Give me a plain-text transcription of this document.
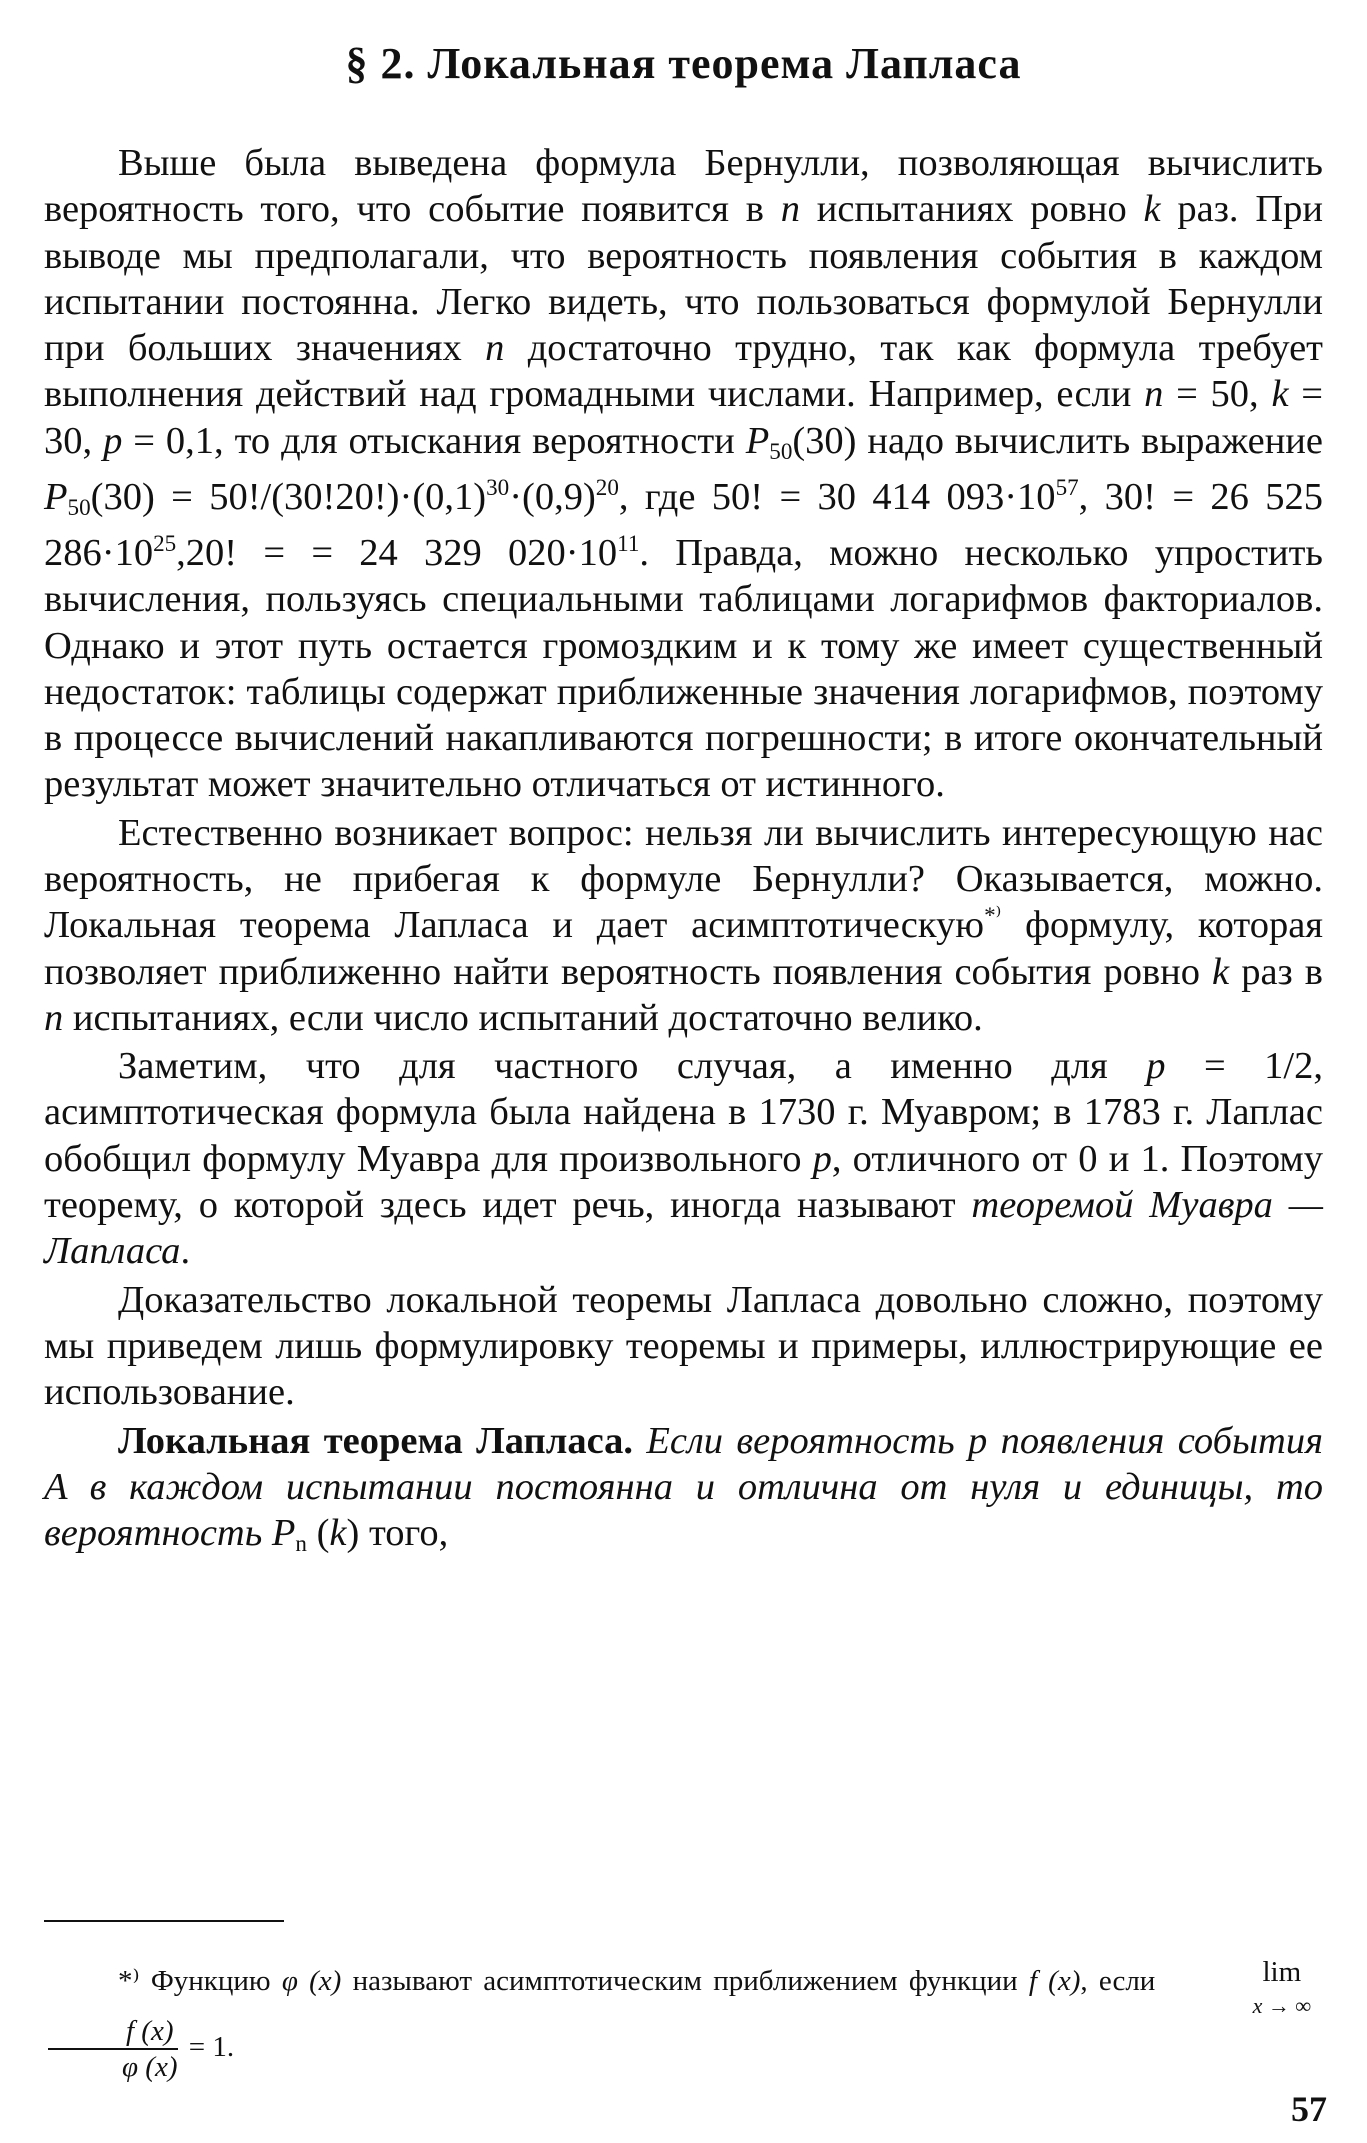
§ 2. Локальная теорема Лапласа

Выше была выведена формула Бернулли, позволяющая вычислить вероятность того, что событие появится в n испытаниях ровно k раз. При выводе мы предполагали, что вероятность появления события в каждом испытании постоянна. Легко видеть, что пользоваться формулой Бернулли при больших значениях n достаточно трудно, так как формула требует выполнения действий над громадными числами. Например, если n = 50, k = 30, p = 0,1, то для отыскания вероятности $P_{50}(30)$ надо вычислить выражение $P_{50}(30) = 50!/(30!20!)\cdot(0,1)^{30}\cdot(0,9)^{20}$, где 50! = 30 414 $093\cdot 10^{57}$, 30! = 26 525 $286\cdot 10^{25},20$! = = 24 329 $020\cdot 10^{11}$. Правда, можно несколько упростить вычисления, пользуясь специальными таблицами логарифмов факториалов. Однако и этот путь остается громоздким и к тому же имеет существенный недостаток: таблицы содержат приближенные значения логарифмов, поэтому в процессе вычислений накапливаются погрешности; в итоге окончательный результат может значительно отличаться от истинного.

Естественно возникает вопрос: нельзя ли вычислить интересующую нас вероятность, не прибегая к формуле Бернулли? Оказывается, можно. Локальная теорема Лапласа и дает асимптотическую*⁾ формулу, которая позволяет приближенно найти вероятность появления события ровно k раз в n испытаниях, если число испытаний достаточно велико.

Заметим, что для частного случая, а именно для p = 1/2, асимптотическая формула была найдена в 1730 г. Муавром; в 1783 г. Лаплас обобщил формулу Муавра для произвольного p, отличного от 0 и 1. Поэтому теорему, о которой здесь идет речь, иногда называют теоремой Муавра — Лапласа.

Доказательство локальной теоремы Лапласа довольно сложно, поэтому мы приведем лишь формулировку теоремы и примеры, иллюстрирующие ее использование.

Локальная теорема Лапласа. Если вероятность p появления события A в каждом испытании постоянна и отлична от нуля и единицы, то вероятность $P_n$ (k) того,

*⁾ Функцию φ (x) называют асимптотическим приближением функции f (x), если	lim
x → ∞
$\frac{f (x)}{\varphi (x)} = 1$.
57
